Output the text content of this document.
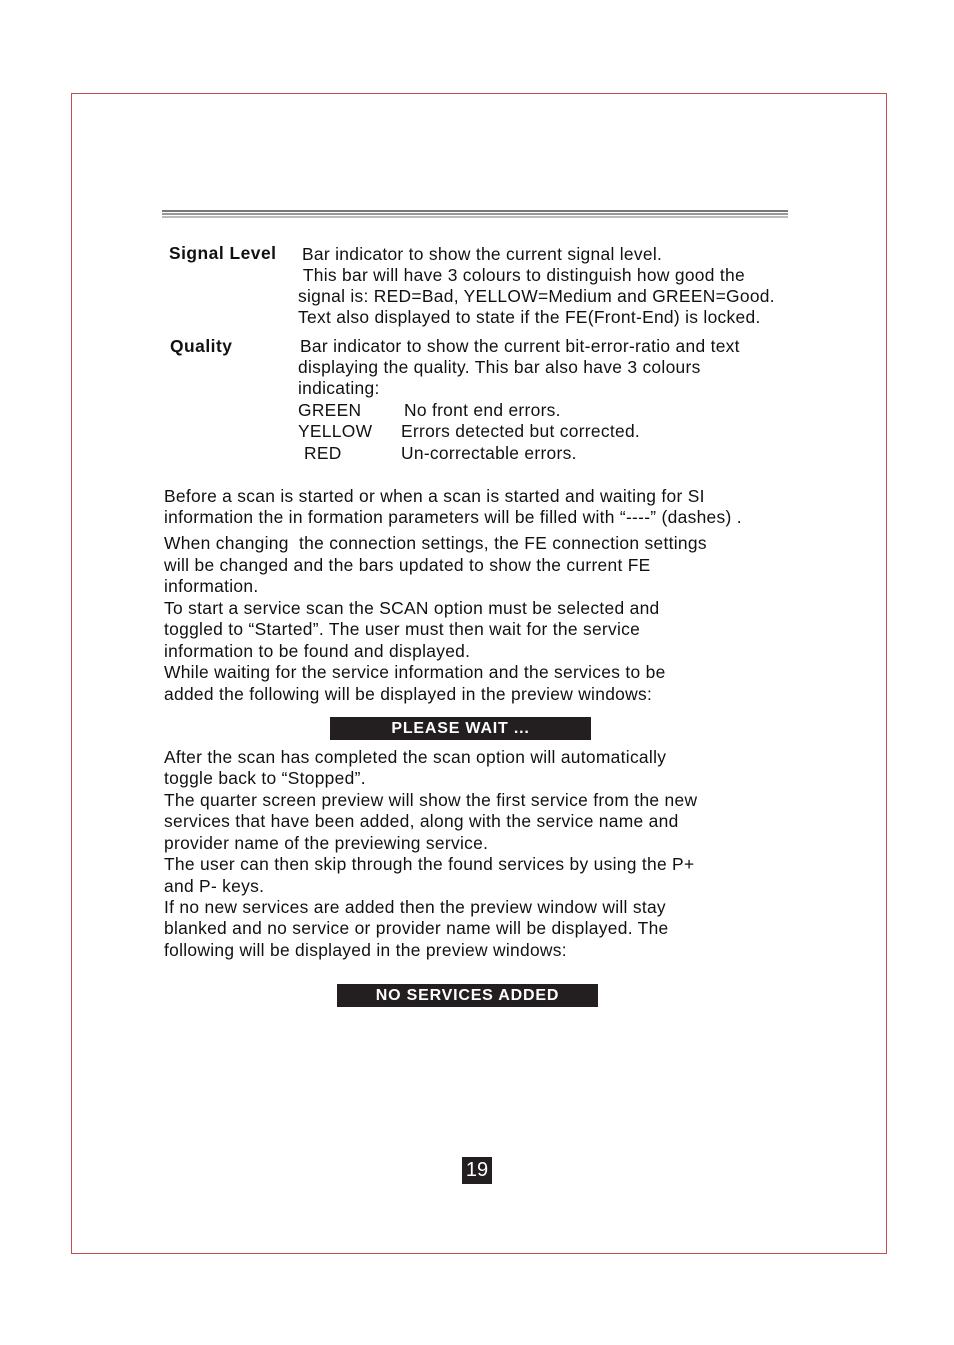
Signal Level Bar indicator to show the current signal level.
This bar will have 3 colours to distinguish how good the
signal is: RED=Bad, YELLOW=Medium and GREEN=Good.
Text also displayed to state if the FE(Front-End) is locked.
Quality	Bar indicator to show the current bit-error-ratio and text
displaying the quality. This bar also have 3 colours
indicating:
GREEN No front end errors.
YELLOW Errors detected but corrected.
RED	Un-correctable errors.
Before a scan is started or when a scan is started and waiting for SI
information the in formation parameters will be filled with “----” (dashes) .
When changing  the connection settings, the FE connection settings
will be changed and the bars updated to show the current FE
information.
To start a service scan the SCAN option must be selected and
toggled to “Started”. The user must then wait for the service
information to be found and displayed.
While waiting for the service information and the services to be
added the following will be displayed in the preview windows:
PLEASE WAIT ...
After the scan has completed the scan option will automatically
toggle back to “Stopped”.
The quarter screen preview will show the first service from the new
services that have been added, along with the service name and
provider name of the previewing service.
The user can then skip through the found services by using the P+
and P- keys.
If no new services are added then the preview window will stay
blanked and no service or provider name will be displayed. The
following will be displayed in the preview windows:
NO SERVICES ADDED
19
